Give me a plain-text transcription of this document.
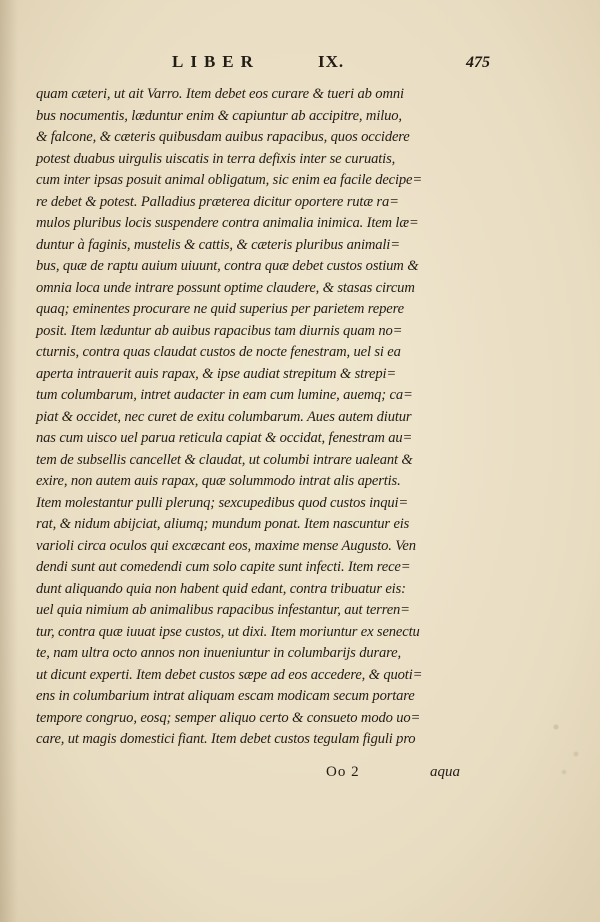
LIBER	IX.	475
quam cæteri, ut ait Varro. Item debet eos curare & tueri ab omni
bus nocumentis, læduntur enim & capiuntur ab accipitre, miluo,
& falcone, & cæteris quibusdam auibus rapacibus, quos occidere
potest duabus uirgulis uiscatis in terra defixis inter se curuatis,
cum inter ipsas posuit animal obligatum, sic enim ea facile decipe=
re debet & potest. Palladius præterea dicitur oportere rutæ ra=
mulos pluribus locis suspendere contra animalia inimica. Item læ=
duntur à faginis, mustelis & cattis, & cæteris pluribus animali=
bus, quæ de raptu auium uiuunt, contra quæ debet custos ostium &
omnia loca unde intrare possunt optime claudere, & stasas circum
quaq; eminentes procurare ne quid superius per parietem repere
posit. Item læduntur ab auibus rapacibus tam diurnis quam no=
cturnis, contra quas claudat custos de nocte fenestram, uel si ea
aperta intrauerit auis rapax, & ipse audiat strepitum & strepi=
tum columbarum, intret audacter in eam cum lumine, auemq; ca=
piat & occidet, nec curet de exitu columbarum. Aues autem diutur
nas cum uisco uel parua reticula capiat & occidat, fenestram au=
tem de subsellis cancellet & claudat, ut columbi intrare ualeant &
exire, non autem auis rapax, quæ solummodo intrat alis apertis.
Item molestantur pulli plerunq; sexcupedibus quod custos inqui=
rat, & nidum abijciat, aliumq; mundum ponat. Item nascuntur eis
varioli circa oculos qui excæcant eos, maxime mense Augusto. Ven
dendi sunt aut comedendi cum solo capite sunt infecti. Item rece=
dunt aliquando quia non habent quid edant, contra tribuatur eis:
uel quia nimium ab animalibus rapacibus infestantur, aut terren=
tur, contra quæ iuuat ipse custos, ut dixi. Item moriuntur ex senectu
te, nam ultra octo annos non inueniuntur in columbarijs durare,
ut dicunt experti. Item debet custos sæpe ad eos accedere, & quoti=
ens in columbarium intrat aliquam escam modicam secum portare
tempore congruo, eosq; semper aliquo certo & consueto modo uo=
care, ut magis domestici fiant. Item debet custos tegulam figuli pro
Oo 2	aqua
